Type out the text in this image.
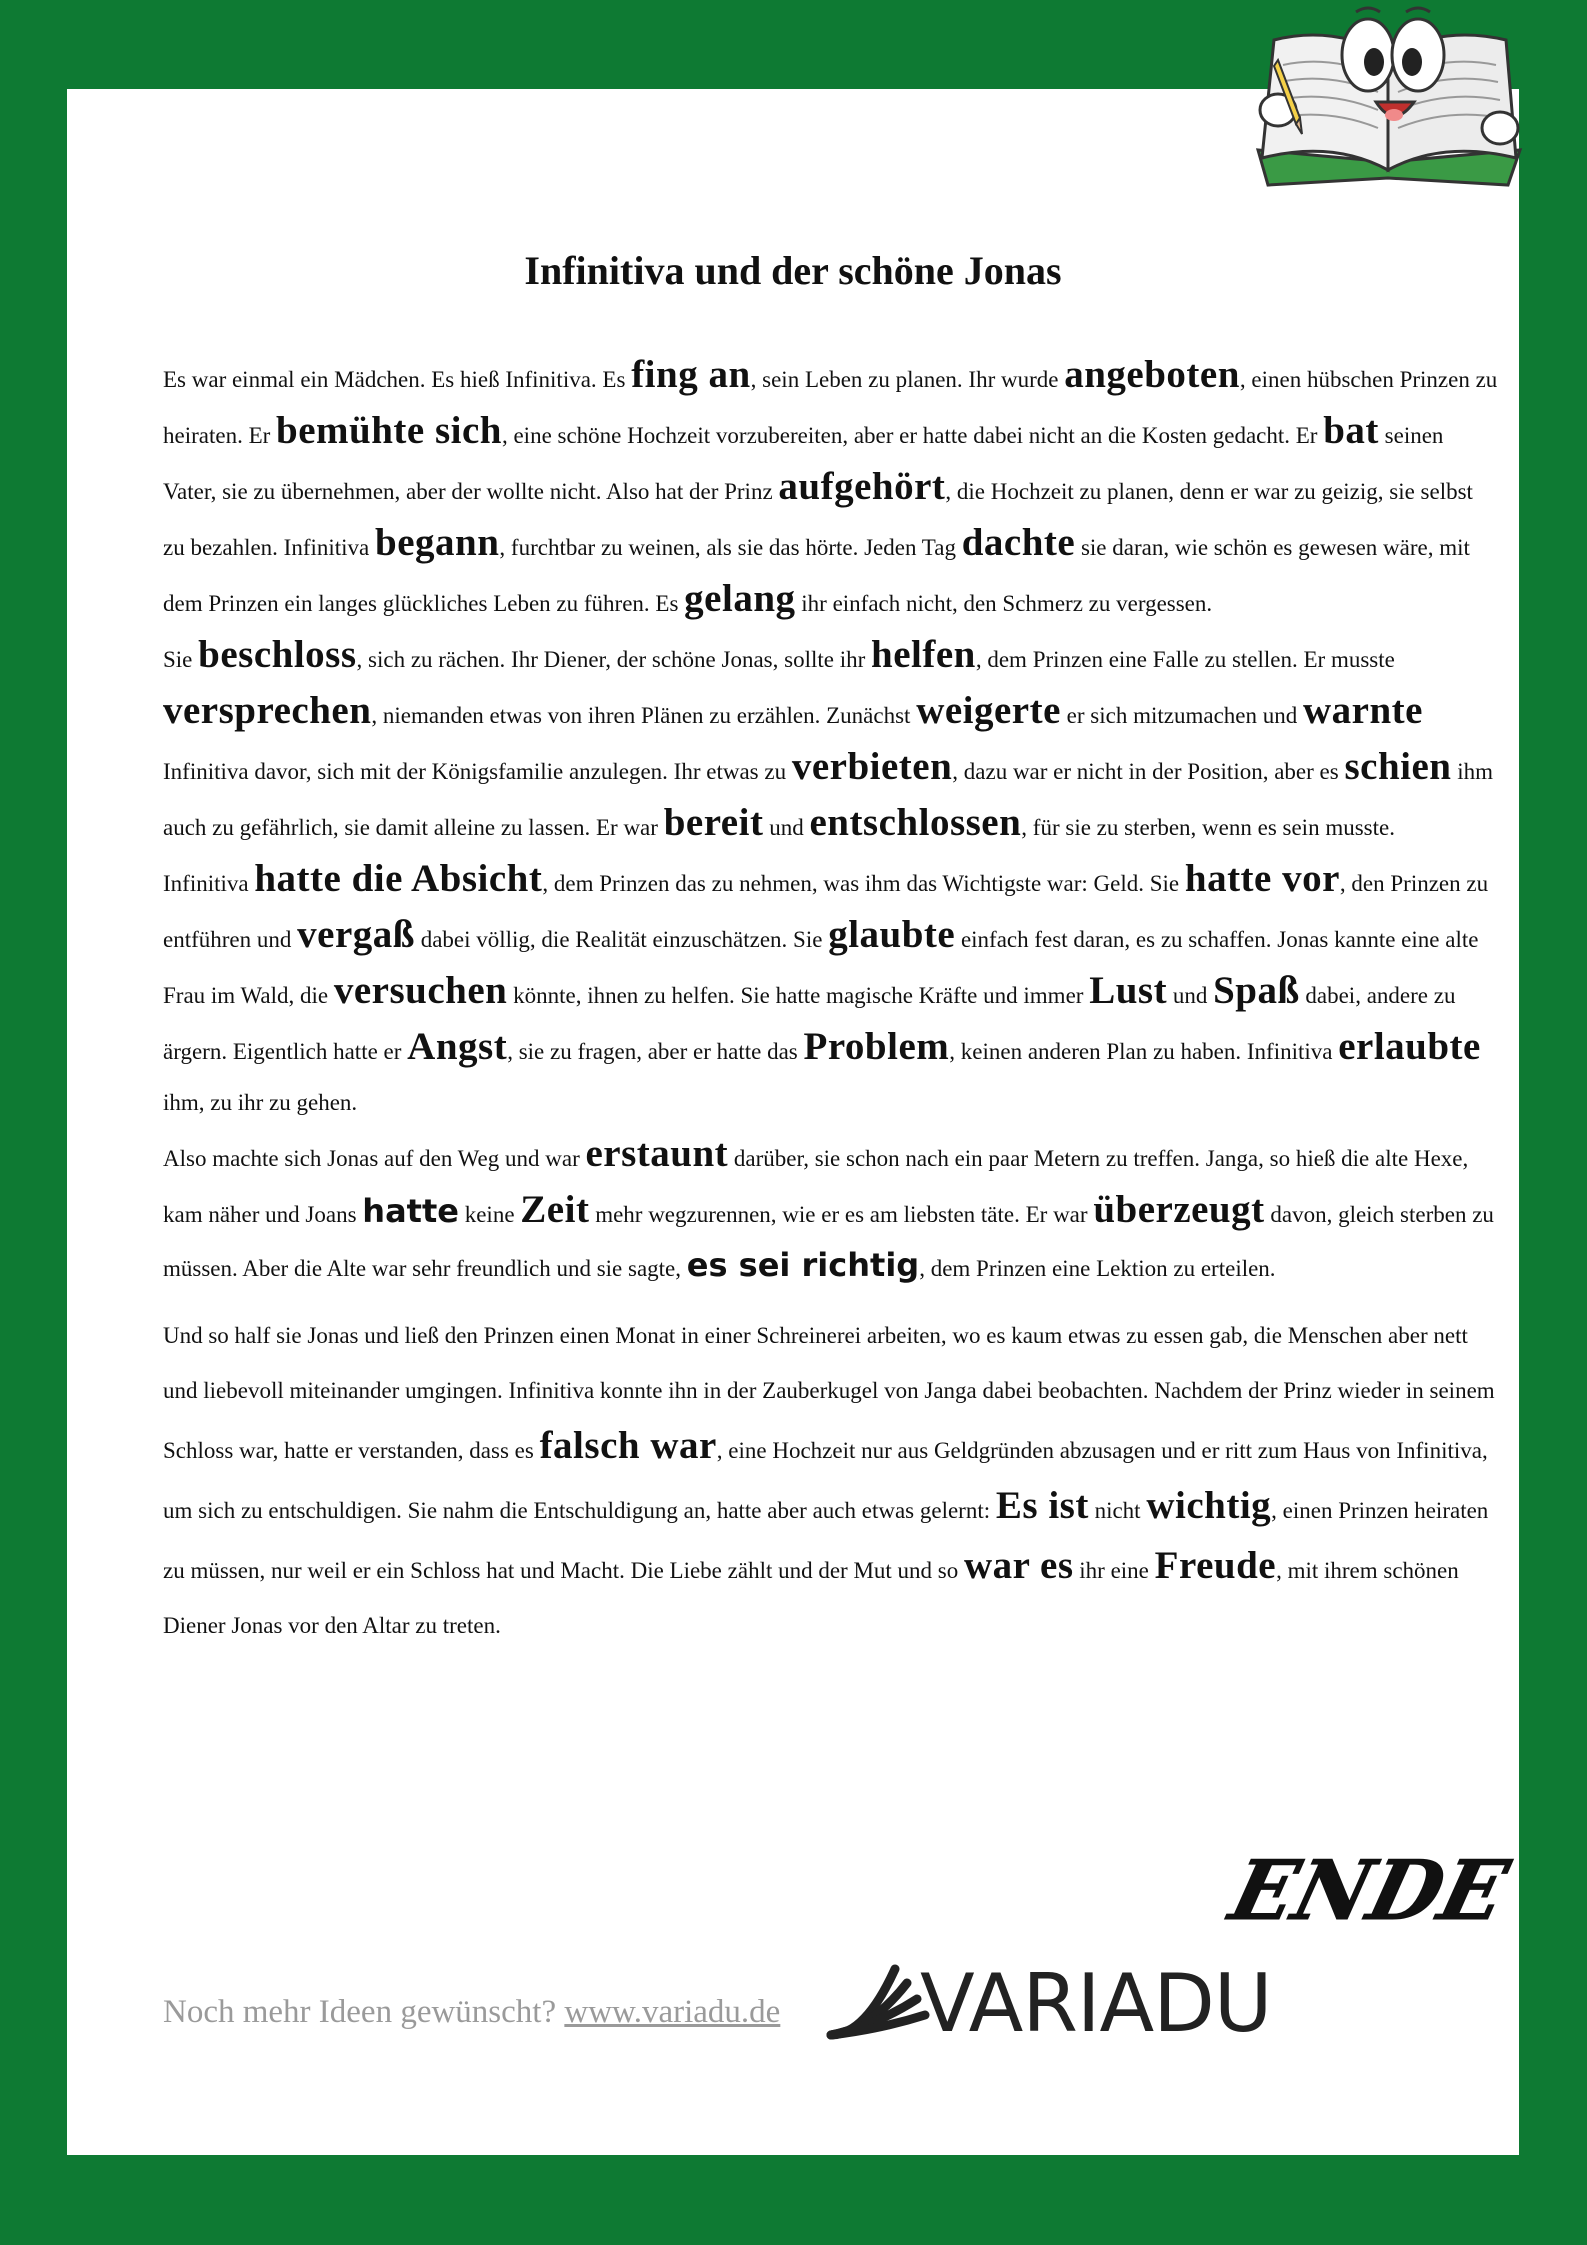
Infinitiva und der schöne Jonas

Es war einmal ein Mädchen. Es hieß Infinitiva. Es fing an, sein Leben zu planen. Ihr wurde angeboten, einen hübschen Prinzen zu heiraten. Er bemühte sich, eine schöne Hochzeit vorzubereiten, aber er hatte dabei nicht an die Kosten gedacht. Er bat seinen Vater, sie zu übernehmen, aber der wollte nicht. Also hat der Prinz aufgehört, die Hochzeit zu planen, denn er war zu geizig, sie selbst zu bezahlen. Infinitiva begann, furchtbar zu weinen, als sie das hörte. Jeden Tag dachte sie daran, wie schön es gewesen wäre, mit dem Prinzen ein langes glückliches Leben zu führen. Es gelang ihr einfach nicht, den Schmerz zu vergessen.

Sie beschloss, sich zu rächen. Ihr Diener, der schöne Jonas, sollte ihr helfen, dem Prinzen eine Falle zu stellen. Er musste versprechen, niemanden etwas von ihren Plänen zu erzählen. Zunächst weigerte er sich mitzumachen und warnte Infinitiva davor, sich mit der Königsfamilie anzulegen. Ihr etwas zu verbieten, dazu war er nicht in der Position, aber es schien ihm auch zu gefährlich, sie damit alleine zu lassen. Er war bereit und entschlossen, für sie zu sterben, wenn es sein musste.

Infinitiva hatte die Absicht, dem Prinzen das zu nehmen, was ihm das Wichtigste war: Geld. Sie hatte vor, den Prinzen zu entführen und vergaß dabei völlig, die Realität einzuschätzen. Sie glaubte einfach fest daran, es zu schaffen. Jonas kannte eine alte Frau im Wald, die versuchen könnte, ihnen zu helfen. Sie hatte magische Kräfte und immer Lust und Spaß dabei, andere zu ärgern. Eigentlich hatte er Angst, sie zu fragen, aber er hatte das Problem, keinen anderen Plan zu haben. Infinitiva erlaubte ihm, zu ihr zu gehen.

Also machte sich Jonas auf den Weg und war erstaunt darüber, sie schon nach ein paar Metern zu treffen. Janga, so hieß die alte Hexe, kam näher und Joans hatte keine Zeit mehr wegzurennen, wie er es am liebsten täte. Er war überzeugt davon, gleich sterben zu müssen. Aber die Alte war sehr freundlich und sie sagte, es sei richtig, dem Prinzen eine Lektion zu erteilen.

Und so half sie Jonas und ließ den Prinzen einen Monat in einer Schreinerei arbeiten, wo es kaum etwas zu essen gab, die Menschen aber nett und liebevoll miteinander umgingen. Infinitiva konnte ihn in der Zauberkugel von Janga dabei beobachten. Nachdem der Prinz wieder in seinem Schloss war, hatte er verstanden, dass es falsch war, eine Hochzeit nur aus Geldgründen abzusagen und er ritt zum Haus von Infinitiva, um sich zu entschuldigen. Sie nahm die Entschuldigung an, hatte aber auch etwas gelernt: Es ist nicht wichtig, einen Prinzen heiraten zu müssen, nur weil er ein Schloss hat und Macht. Die Liebe zählt und der Mut und so war es ihr eine Freude, mit ihrem schönen Diener Jonas vor den Altar zu treten.

ENDE
Noch mehr Ideen gewünscht? www.variadu.de VARIADU
